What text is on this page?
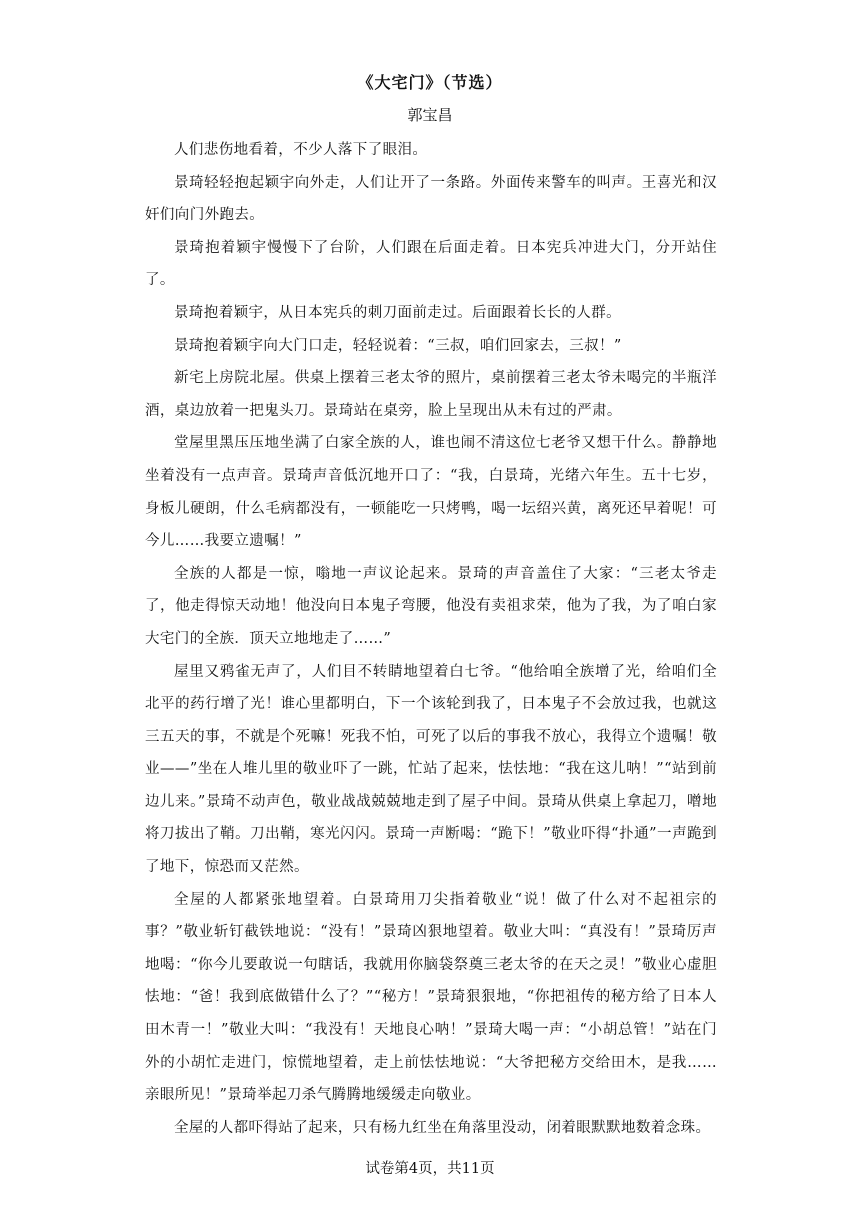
《大宅门》（节选）
郭宝昌

人们悲伤地看着，不少人落下了眼泪。

景琦轻轻抱起颖宇向外走，人们让开了一条路。外面传来警车的叫声。王喜光和汉奸们向门外跑去。

景琦抱着颖宇慢慢下了台阶，人们跟在后面走着。日本宪兵冲进大门，分开站住了。

景琦抱着颖宇，从日本宪兵的刺刀面前走过。后面跟着长长的人群。

景琦抱着颖宇向大门口走，轻轻说着：“三叔，咱们回家去，三叔！”

新宅上房院北屋。供桌上摆着三老太爷的照片，桌前摆着三老太爷未喝完的半瓶洋酒，桌边放着一把鬼头刀。景琦站在桌旁，脸上呈现出从未有过的严肃。

堂屋里黑压压地坐满了白家全族的人，谁也闹不清这位七老爷又想干什么。静静地坐着没有一点声音。景琦声音低沉地开口了：“我，白景琦，光绪六年生。五十七岁，身板儿硬朗，什么毛病都没有，一顿能吃一只烤鸭，喝一坛绍兴黄，离死还早着呢！可今儿……我要立遗嘱！”

全族的人都是一惊，嗡地一声议论起来。景琦的声音盖住了大家：“三老太爷走了，他走得惊天动地！他没向日本鬼子弯腰，他没有卖祖求荣，他为了我，为了咱白家大宅门的全族．顶天立地地走了……”

屋里又鸦雀无声了，人们目不转睛地望着白七爷。“他给咱全族增了光，给咱们全北平的药行增了光！谁心里都明白，下一个该轮到我了，日本鬼子不会放过我，也就这三五天的事，不就是个死嘛！死我不怕，可死了以后的事我不放心，我得立个遗嘱！敬业——”坐在人堆儿里的敬业吓了一跳，忙站了起来，怯怯地：“我在这儿呐！”“站到前边儿来。”景琦不动声色，敬业战战兢兢地走到了屋子中间。景琦从供桌上拿起刀，噌地将刀拔出了鞘。刀出鞘，寒光闪闪。景琦一声断喝：“跪下！”敬业吓得“扑通”一声跪到了地下，惊恐而又茫然。

全屋的人都紧张地望着。白景琦用刀尖指着敬业“说！做了什么对不起祖宗的事？”敬业斩钉截铁地说：“没有！”景琦凶狠地望着。敬业大叫：“真没有！”景琦厉声地喝：“你今儿要敢说一句瞎话，我就用你脑袋祭奠三老太爷的在天之灵！”敬业心虚胆怯地：“爸！我到底做错什么了？”“秘方！”景琦狠狠地，“你把祖传的秘方给了日本人田木青一！”敬业大叫：“我没有！天地良心呐！”景琦大喝一声：“小胡总管！”站在门外的小胡忙走进门，惊慌地望着，走上前怯怯地说：“大爷把秘方交给田木，是我……亲眼所见！”景琦举起刀杀气腾腾地缓缓走向敬业。

全屋的人都吓得站了起来，只有杨九红坐在角落里没动，闭着眼默默地数着念珠。

试卷第4页，共11页
